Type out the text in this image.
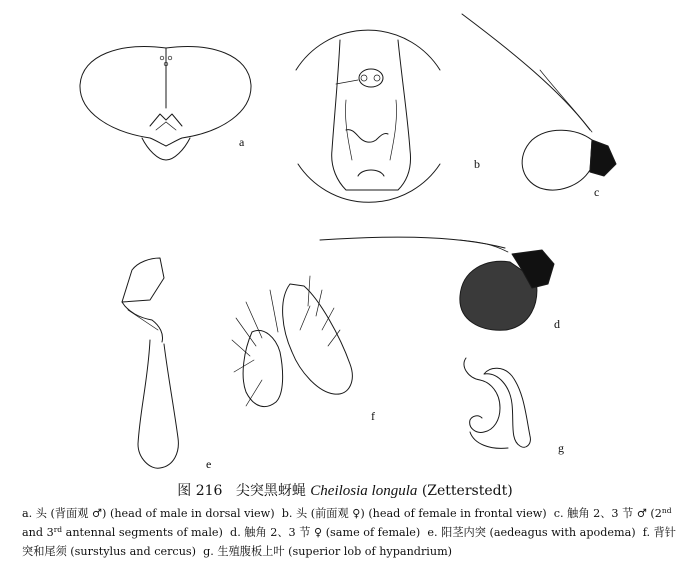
a
b
c
d
e
f
g
图 216 尖突黑蚜蝇 Cheilosia longula (Zetterstedt)
a. 头 (背面观 ♂) (head of male in dorsal view) b. 头 (前面观 ♀) (head of female in frontal view) c. 触角 2、3 节 ♂ (2nd and 3rd antennal segments of male) d. 触角 2、3 节 ♀ (same of female) e. 阳茎内突 (aedeagus with apodema) f. 背针突和尾须 (surstylus and cercus) g. 生殖腹板上叶 (superior lob of hypandrium)
